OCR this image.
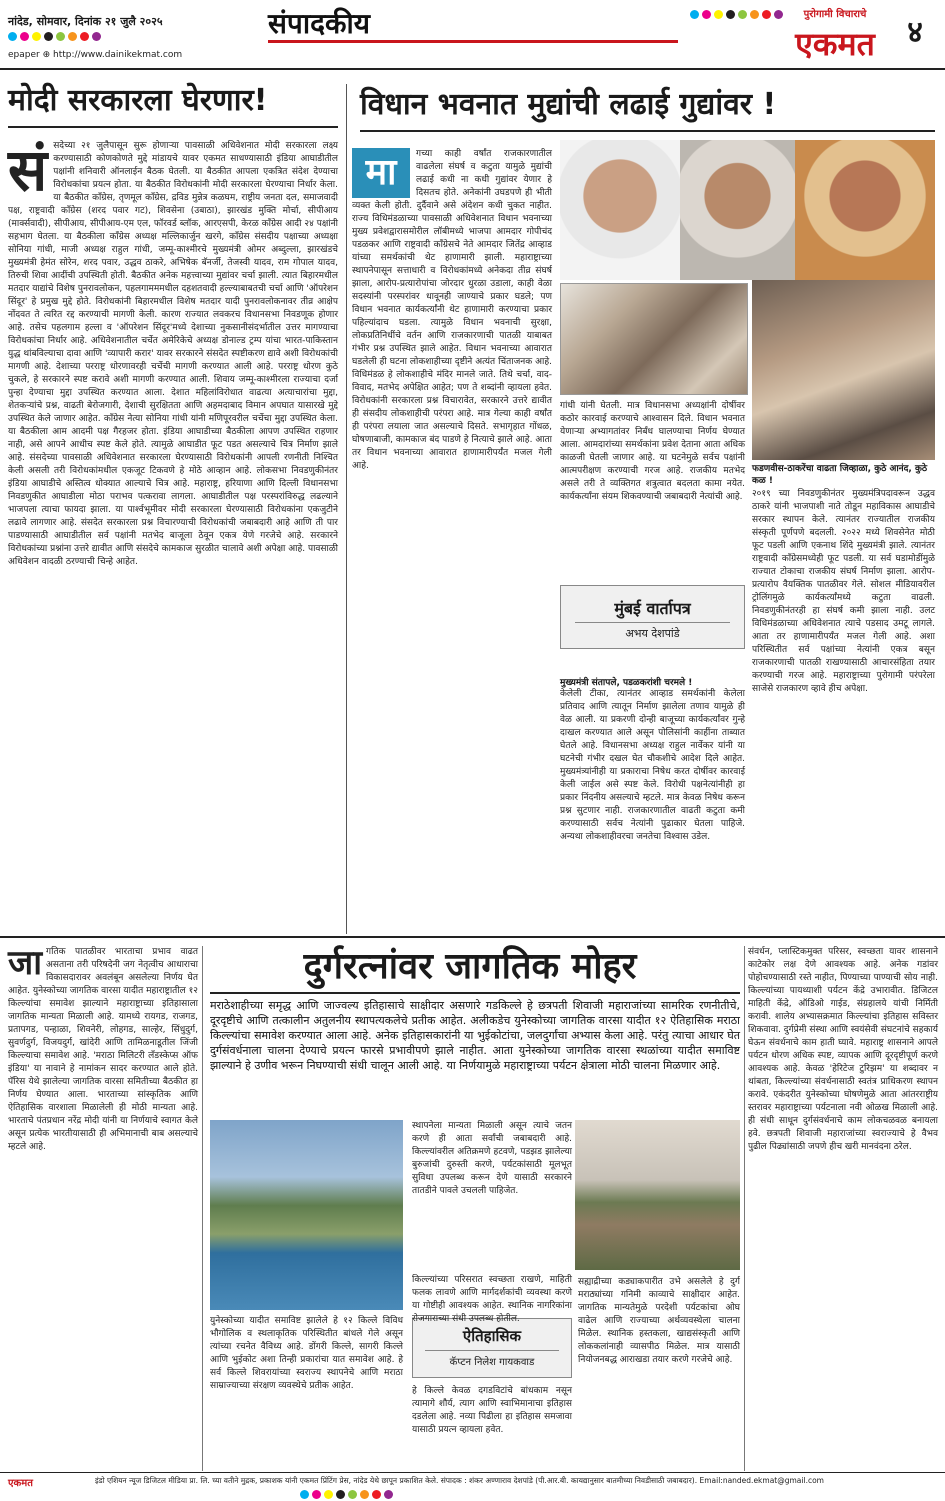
नांदेड, सोमवार, दिनांक २१ जुलै २०२५
epaper ⊕ http://www.dainikekmat.com
संपादकीय	पुरोगामी विचाराचे
एकमत	४
मोदी सरकारला घेरणार!
सं सदेच्या २१ जुलैपासून सुरू होणाऱ्या पावसाळी अधिवेशनात मोदी सरकारला लक्ष्य करण्यासाठी कोणकोणते मुद्दे मांडायचे यावर एकमत साधण्यासाठी इंडिया आघाडीतील पक्षांनी शनिवारी ऑनलाईन बैठक घेतली. या बैठकीत आपला एकत्रित संदेश देण्याचा विरोधकांचा प्रयत्न होता. या बैठकीत विरोधकांनी मोदी सरकारला घेरण्याचा निर्धार केला. या बैठकीत काँग्रेस, तृणमूल काँग्रेस, द्रविड मुन्नेत्र कळघम, राष्ट्रीय जनता दल, समाजवादी पक्ष, राष्ट्रवादी काँग्रेस (शरद पवार गट), शिवसेना (उबाठा), झारखंड मुक्ति मोर्चा, सीपीआय (मार्क्सवादी), सीपीआय, सीपीआय-एम एल, फॉरवर्ड ब्लॉक, आरएसपी, केरळ काँग्रेस आदी २४ पक्षांनी सहभाग घेतला. या बैठकीला काँग्रेस अध्यक्ष मल्लिकार्जुन खरगे, काँग्रेस संसदीय पक्षाच्या अध्यक्षा सोनिया गांधी, माजी अध्यक्ष राहुल गांधी, जम्मू-काश्मीरचे मुख्यमंत्री ओमर अब्दुल्ला, झारखंडचे मुख्यमंत्री हेमंत सोरेन, शरद पवार, उद्धव ठाकरे, अभिषेक बॅनर्जी, तेजस्वी यादव, राम गोपाल यादव, तिरुची शिवा आदींची उपस्थिती होती. बैठकीत अनेक महत्त्वाच्या मुद्यांवर चर्चा झाली. त्यात बिहारमधील मतदार याद्यांचे विशेष पुनरावलोकन, पहलगामममधील दहशतवादी हल्ल्याबाबतची चर्चा आणि 'ऑपरेशन सिंदूर' हे प्रमुख मुद्दे होते. विरोधकांनी बिहारमधील विशेष मतदार यादी पुनरावलोकनावर तीव्र आक्षेप नोंदवत ते त्वरित रद्द करण्याची मागणी केली. कारण राज्यात लवकरच विधानसभा निवडणूक होणार आहे. तसेच पहलगाम हल्ला व 'ऑपरेशन सिंदूर'मध्ये देशाच्या नुकसानीसंदर्भातील उत्तर मागण्याचा विरोधकांचा निर्धार आहे. अधिवेशनातील चर्चेत अमेरिकेचे अध्यक्ष डोनाल्ड ट्रम्प यांचा भारत-पाकिस्तान युद्ध थांबविल्याचा दावा आणि 'व्यापारी करार' यावर सरकारने संसदेत स्पष्टीकरण द्यावे अशी विरोधकांची मागणी आहे. देशाच्या परराष्ट्र धोरणावरही चर्चेची मागणी करण्यात आली आहे. परराष्ट्र धोरण कुठे चुकले, हे सरकारने स्पष्ट करावे अशी मागणी करण्यात आली. शिवाय जम्मू-काश्मीरला राज्याचा दर्जा पुन्हा देण्याचा मुद्दा उपस्थित करण्यात आला. देशात महिलांविरोधात वाढत्या अत्याचारांचा मुद्दा, शेतकऱ्यांचे प्रश्न, वाढती बेरोजगारी, देशाची सुरक्षितता आणि अहमदाबाद विमान अपघात यासारखे मुद्दे उपस्थित केले जाणार आहेत. काँग्रेस नेत्या सोनिया गांधी यांनी मणिपूरवरील चर्चेचा मुद्दा उपस्थित केला. या बैठकीला आम आदमी पक्ष गैरहजर होता. इंडिया आघाडीच्या बैठकीला आपण उपस्थित राहणार नाही, असे आपने आधीच स्पष्ट केले होते. त्यामुळे आघाडीत फूट पडत असल्याचे चित्र निर्माण झाले आहे. संसदेच्या पावसाळी अधिवेशनात सरकारला घेरण्यासाठी विरोधकांनी आपली रणनीती निश्चित केली असली तरी विरोधकांमधील एकजूट टिकवणे हे मोठे आव्हान आहे. लोकसभा निवडणुकीनंतर इंडिया आघाडीचे अस्तित्व धोक्यात आल्याचे चित्र आहे. महाराष्ट्र, हरियाणा आणि दिल्ली विधानसभा निवडणुकीत आघाडीला मोठा पराभव पत्करावा लागला. आघाडीतील पक्ष परस्परांविरुद्ध लढल्याने भाजपला त्याचा फायदा झाला. या पार्श्वभूमीवर मोदी सरकारला घेरण्यासाठी विरोधकांना एकजुटीने लढावे लागणार आहे. संसदेत सरकारला प्रश्न विचारण्याची विरोधकांची जबाबदारी आहे आणि ती पार पाडण्यासाठी आघाडीतील सर्व पक्षांनी मतभेद बाजूला ठेवून एकत्र येणे गरजेचे आहे. सरकारने विरोधकांच्या प्रश्नांना उत्तरे द्यावीत आणि संसदेचे कामकाज सुरळीत चालावे अशी अपेक्षा आहे. पावसाळी अधिवेशन वादळी ठरण्याची चिन्हे आहेत.
विधान भवनात मुद्यांची लढाई गुद्यांवर !
मा	गच्या काही वर्षांत राजकारणातील वाढलेला संघर्ष व कटुता यामुळे मुद्यांची लढाई कधी ना कधी गुद्यांवर येणार हे दिसतच होते. अनेकांनी उघडपणे ही भीती व्यक्त केली होती. दुर्दैवाने असे अंदेशन कधी चुकत नाहीत. राज्य विधिमंडळाच्या पावसाळी अधिवेशनात विधान भवनाच्या मुख्य प्रवेशद्वारासमोरील लॉबीमध्ये भाजपा आमदार गोपीचंद पडळकर आणि राष्ट्रवादी काँग्रेसचे नेते आमदार जितेंद्र आव्हाड यांच्या समर्थकांची थेट हाणामारी झाली. महाराष्ट्राच्या स्थापनेपासून सत्ताधारी व विरोधकांमध्ये अनेकदा तीव्र संघर्ष झाला, आरोप-प्रत्यारोपांचा जोरदार धुरळा उडाला, काही वेळा सदस्यांनी परस्परांवर धावूनही जाण्याचे प्रकार घडले; पण विधान भवनात कार्यकर्त्यांनी थेट हाणामारी करण्याचा प्रकार पहिल्यांदाच घडला. त्यामुळे विधान भवनाची सुरक्षा, लोकप्रतिनिधींचे वर्तन आणि राजकारणाची पातळी याबाबत गंभीर प्रश्न उपस्थित झाले आहेत. विधान भवनाच्या आवारात घडलेली ही घटना लोकशाहीच्या दृष्टीने अत्यंत चिंताजनक आहे. विधिमंडळ हे लोकशाहीचे मंदिर मानले जाते. तिथे चर्चा, वाद-विवाद, मतभेद अपेक्षित आहेत; पण ते शब्दांनी व्हायला हवेत. विरोधकांनी सरकारला प्रश्न विचारावेत, सरकारने उत्तरे द्यावीत ही संसदीय लोकशाहीची परंपरा आहे. मात्र गेल्या काही वर्षांत ही परंपरा लयाला जात असल्याचे दिसते. सभागृहात गोंधळ, घोषणाबाजी, कामकाज बंद पाडणे हे नित्याचे झाले आहे. आता तर विधान भवनाच्या आवारात हाणामारीपर्यंत मजल गेली आहे.
गांधी यांनी घेतली. मात्र विधानसभा अध्यक्षांनी दोषींवर कठोर कारवाई करण्याचे आश्वासन दिले. विधान भवनात येणाऱ्या अभ्यागतांवर निर्बंध घालण्याचा निर्णय घेण्यात आला. आमदारांच्या समर्थकांना प्रवेश देताना आता अधिक काळजी घेतली जाणार आहे. या घटनेमुळे सर्वच पक्षांनी आत्मपरीक्षण करण्याची गरज आहे. राजकीय मतभेद असले तरी ते व्यक्तिगत शत्रुत्वात बदलता कामा नयेत. कार्यकर्त्यांना संयम शिकवण्याची जबाबदारी नेत्यांची आहे.
फडणवीस-ठाकरेंचा वाढता जिव्हाळा, कुठे आनंद, कुठे कळ !
मुंबई वार्तापत्र
अभय देशपांडे
मुख्यमंत्री संतापले, पडळकरांशी चरमले !
केलेली टीका, त्यानंतर आव्हाड समर्थकांनी केलेला प्रतिवाद आणि त्यातून निर्माण झालेला तणाव यामुळे ही वेळ आली. या प्रकरणी दोन्ही बाजूच्या कार्यकर्त्यांवर गुन्हे दाखल करण्यात आले असून पोलिसांनी काहींना ताब्यात घेतले आहे. विधानसभा अध्यक्ष राहुल नार्वेकर यांनी या घटनेची गंभीर दखल घेत चौकशीचे आदेश दिले आहेत. मुख्यमंत्र्यांनीही या प्रकाराचा निषेध करत दोषींवर कारवाई केली जाईल असे स्पष्ट केले. विरोधी पक्षनेत्यांनीही हा प्रकार निंदनीय असल्याचे म्हटले. मात्र केवळ निषेध करून प्रश्न सुटणार नाही. राजकारणातील वाढती कटुता कमी करण्यासाठी सर्वच नेत्यांनी पुढाकार घेतला पाहिजे. अन्यथा लोकशाहीवरचा जनतेचा विश्वास उडेल.
२०१९ च्या निवडणुकीनंतर मुख्यमंत्रिपदावरून उद्धव ठाकरे यांनी भाजपाशी नाते तोडून महाविकास आघाडीचे सरकार स्थापन केले. त्यानंतर राज्यातील राजकीय संस्कृती पूर्णपणे बदलली. २०२२ मध्ये शिवसेनेत मोठी फूट पडली आणि एकनाथ शिंदे मुख्यमंत्री झाले. त्यानंतर राष्ट्रवादी काँग्रेसमध्येही फूट पडली. या सर्व घडामोडींमुळे राज्यात टोकाचा राजकीय संघर्ष निर्माण झाला. आरोप-प्रत्यारोप वैयक्तिक पातळीवर गेले. सोशल मीडियावरील ट्रोलिंगमुळे कार्यकर्त्यांमध्ये कटुता वाढली. निवडणुकीनंतरही हा संघर्ष कमी झाला नाही. उलट विधिमंडळाच्या अधिवेशनात त्याचे पडसाद उमटू लागले. आता तर हाणामारीपर्यंत मजल गेली आहे. अशा परिस्थितीत सर्व पक्षांच्या नेत्यांनी एकत्र बसून राजकारणाची पातळी राखण्यासाठी आचारसंहिता तयार करण्याची गरज आहे. महाराष्ट्राच्या पुरोगामी परंपरेला साजेसे राजकारण व्हावे हीच अपेक्षा.
जा गतिक पातळीवर भारताचा प्रभाव वाढत असताना तरी परिषदेनी जग नेतृत्वीच आधाराचा विकासदारावर अवलंबून असलेल्या निर्णय घेत आहेत. युनेस्कोच्या जागतिक वारसा यादीत महाराष्ट्रातील १२ किल्ल्यांचा समावेश झाल्याने महाराष्ट्राच्या इतिहासाला जागतिक मान्यता मिळाली आहे. यामध्ये रायगड, राजगड, प्रतापगड, पन्हाळा, शिवनेरी, लोहगड, साल्हेर, सिंधुदुर्ग, सुवर्णदुर्ग, विजयदुर्ग, खांदेरी आणि तामिळनाडूतील जिंजी किल्ल्याचा समावेश आहे. 'मराठा मिलिटरी लँडस्केप्स ऑफ इंडिया' या नावाने हे नामांकन सादर करण्यात आले होते. पॅरिस येथे झालेल्या जागतिक वारसा समितीच्या बैठकीत हा निर्णय घेण्यात आला. भारताच्या सांस्कृतिक आणि ऐतिहासिक वारशाला मिळालेली ही मोठी मान्यता आहे. भारताचे पंतप्रधान नरेंद्र मोदी यांनी या निर्णयाचे स्वागत केले असून प्रत्येक भारतीयासाठी ही अभिमानाची बाब असल्याचे म्हटले आहे.
दुर्गरत्नांवर जागतिक मोहर
मराठेशाहीच्या समृद्ध आणि जाज्वल्य इतिहासाचे साक्षीदार असणारे गडकिल्ले हे छत्रपती शिवाजी महाराजांच्या सामरिक रणनीतीचे, दूरदृष्टीचे आणि तत्कालीन अतुलनीय स्थापत्यकलेचे प्रतीक आहेत. अलीकडेच युनेस्कोच्या जागतिक वारसा यादीत १२ ऐतिहासिक मराठा किल्ल्यांचा समावेश करण्यात आला आहे. अनेक इतिहासकारांनी या भुईकोटांचा, जलदुर्गांचा अभ्यास केला आहे. परंतु त्याचा आधार घेत दुर्गसंवर्धनाला चालना देण्याचे प्रयत्न फारसे प्रभावीपणे झाले नाहीत. आता युनेस्कोच्या जागतिक वारसा स्थळांच्या यादीत समाविष्ट झाल्याने हे उणीव भरून निघण्याची संधी चालून आली आहे. या निर्णयामुळे महाराष्ट्राच्या पर्यटन क्षेत्राला मोठी चालना मिळणार आहे.
स्थापनेला मान्यता मिळाली असून त्याचे जतन करणे ही आता सर्वांची जबाबदारी आहे. किल्ल्यांवरील अतिक्रमणे हटवणे, पडझड झालेल्या बुरुजांची दुरुस्ती करणे, पर्यटकांसाठी मूलभूत सुविधा उपलब्ध करून देणे यासाठी सरकारने तातडीने पावले उचलली पाहिजेत.
युनेस्कोच्या यादीत समाविष्ट झालेले हे १२ किल्ले विविध भौगोलिक व स्थलाकृतिक परिस्थितीत बांधले गेले असून त्यांच्या रचनेत वैविध्य आहे. डोंगरी किल्ले, सागरी किल्ले आणि भुईकोट अशा तिन्ही प्रकारांचा यात समावेश आहे. हे सर्व किल्ले शिवरायांच्या स्वराज्य स्थापनेचे आणि मराठा साम्राज्याच्या संरक्षण व्यवस्थेचे प्रतीक आहेत.
ऐतिहासिक
कॅप्टन निलेश गायकवाड
हे किल्ले केवळ दगडविटांचे बांधकाम नसून त्यामागे शौर्य, त्याग आणि स्वाभिमानाचा इतिहास दडलेला आहे. नव्या पिढीला हा इतिहास समजावा यासाठी प्रयत्न व्हायला हवेत.
किल्ल्यांच्या परिसरात स्वच्छता राखणे, माहिती फलक लावणे आणि मार्गदर्शकांची व्यवस्था करणे या गोष्टीही आवश्यक आहेत. स्थानिक नागरिकांना रोजगाराच्या संधी उपलब्ध होतील.
सह्याद्रीच्या कड्याकपारीत उभे असलेले हे दुर्ग मराठ्यांच्या गनिमी काव्याचे साक्षीदार आहेत. जागतिक मान्यतेमुळे परदेशी पर्यटकांचा ओघ वाढेल आणि राज्याच्या अर्थव्यवस्थेला चालना मिळेल. स्थानिक हस्तकला, खाद्यसंस्कृती आणि लोककलांनाही व्यासपीठ मिळेल. मात्र यासाठी नियोजनबद्ध आराखडा तयार करणे गरजेचे आहे.
संवर्धन, प्लास्टिकमुक्त परिसर, स्वच्छता यावर शासनाने काटेकोर लक्ष देणे आवश्यक आहे. अनेक गडांवर पोहोचण्यासाठी रस्ते नाहीत, पिण्याच्या पाण्याची सोय नाही. किल्ल्यांच्या पायथ्याशी पर्यटन केंद्रे उभारावीत. डिजिटल माहिती केंद्रे, ऑडिओ गाईड, संग्रहालये यांची निर्मिती करावी. शालेय अभ्यासक्रमात किल्ल्यांचा इतिहास सविस्तर शिकवावा. दुर्गप्रेमी संस्था आणि स्वयंसेवी संघटनांचे सहकार्य घेऊन संवर्धनाचे काम हाती घ्यावे. महाराष्ट्र शासनाने आपले पर्यटन धोरण अधिक स्पष्ट, व्यापक आणि दूरदृष्टीपूर्ण करणे आवश्यक आहे. केवळ 'हेरिटेज टुरिझम' या शब्दावर न थांबता, किल्ल्यांच्या संवर्धनासाठी स्वतंत्र प्राधिकरण स्थापन करावे. एकंदरीत युनेस्कोच्या घोषणेमुळे आता आंतरराष्ट्रीय स्तरावर महाराष्ट्राच्या पर्यटनाला नवी ओळख मिळाली आहे. ही संधी साधून दुर्गसंवर्धनाचे काम लोकचळवळ बनायला हवे. छत्रपती शिवाजी महाराजांच्या स्वराज्याचे हे वैभव पुढील पिढ्यांसाठी जपणे हीच खरी मानवंदना ठरेल.
एकमत	इंडो एशियन न्यूज डिजिटल मीडिया प्रा. लि. च्या वतीने मुद्रक, प्रकाशक यांनी एकमत प्रिंटिंग प्रेस, नांदेड येथे छापून प्रकाशित केले. संपादक : शंकर अण्णाराव देशपांडे (पी.आर.बी. कायद्यानुसार बातमीच्या निवडीसाठी जबाबदार). Email:nanded.ekmat@gmail.com
